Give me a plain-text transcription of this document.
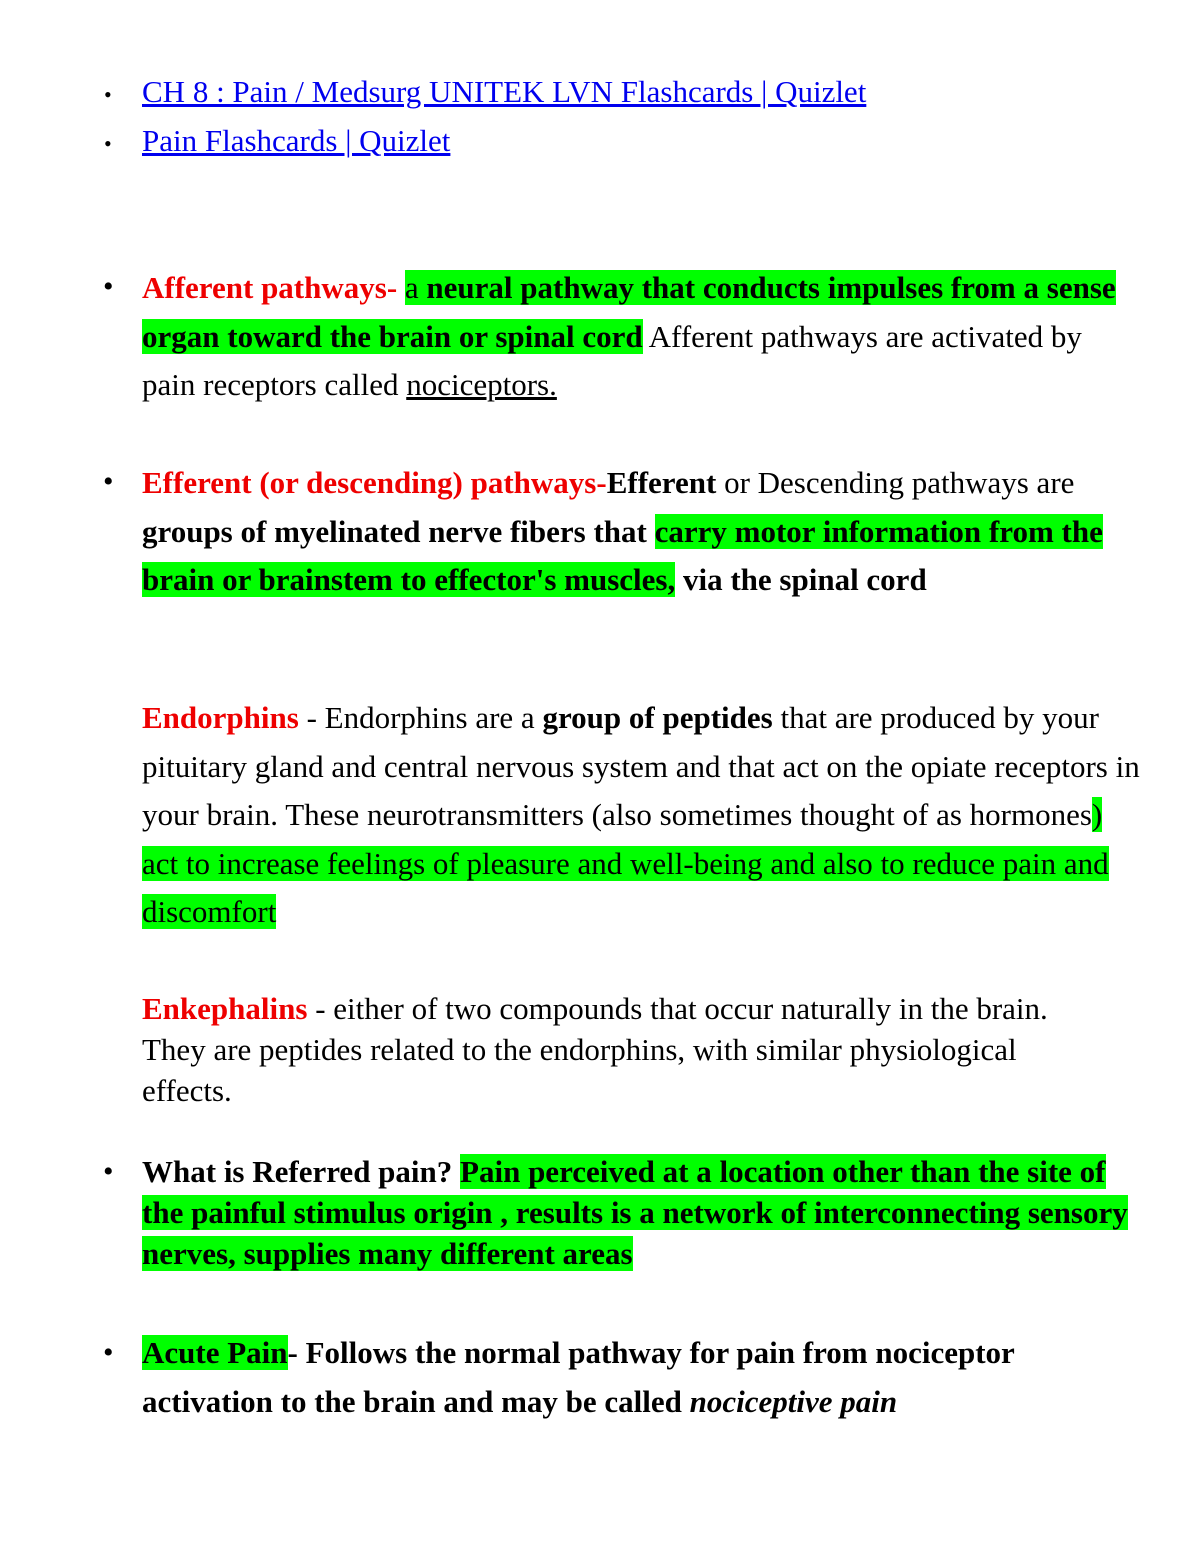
• CH 8 : Pain / Medsurg UNITEK LVN Flashcards | Quizlet
• Pain Flashcards | Quizlet
• Afferent pathways- a neural pathway that conducts impulses from a sense organ toward the brain or spinal cord Afferent pathways are activated by pain receptors called nociceptors.

• Efferent (or descending) pathways-Efferent or Descending pathways are groups of myelinated nerve fibers that carry motor information from the brain or brainstem to effector's muscles, via the spinal cord

Endorphins - Endorphins are a group of peptides that are produced by your pituitary gland and central nervous system and that act on the opiate receptors in your brain. These neurotransmitters (also sometimes thought of as hormones) act to increase feelings of pleasure and well-being and also to reduce pain and discomfort

Enkephalins - either of two compounds that occur naturally in the brain. They are peptides related to the endorphins, with similar physiological effects.

• What is Referred pain? Pain perceived at a location other than the site of the painful stimulus origin , results is a network of interconnecting sensory nerves, supplies many different areas

• Acute Pain- Follows the normal pathway for pain from nociceptor activation to the brain and may be called nociceptive pain
